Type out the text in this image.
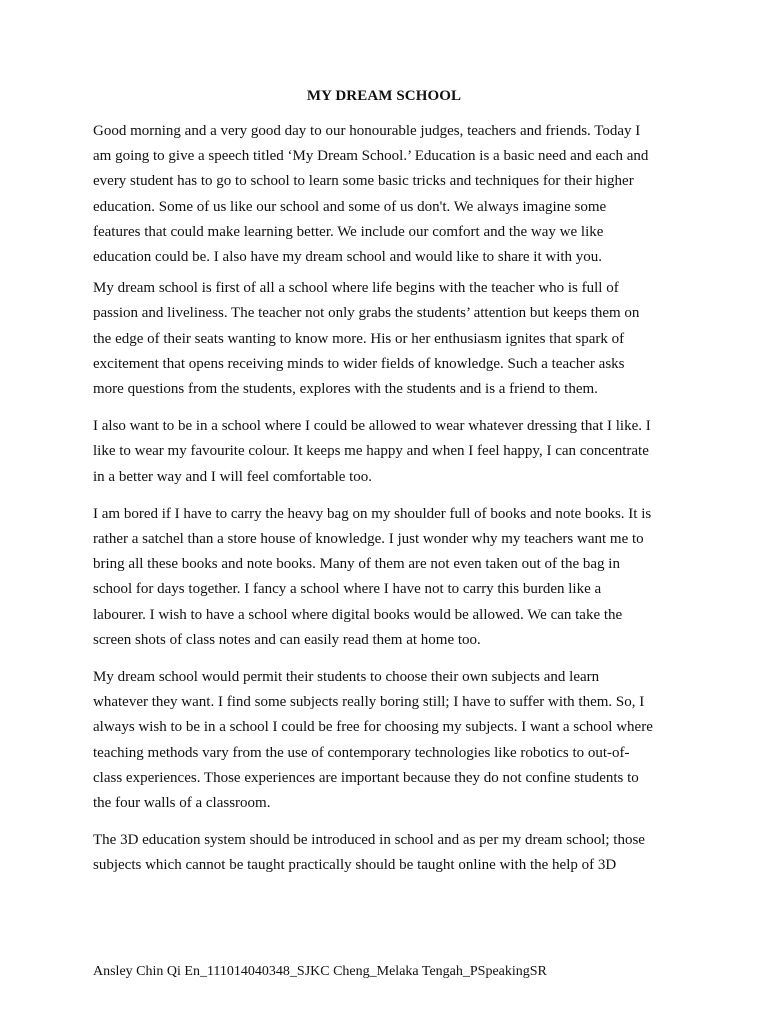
MY DREAM SCHOOL

Good morning and a very good day to our honourable judges, teachers and friends. Today I
am going to give a speech titled ‘My Dream School.’ Education is a basic need and each and
every student has to go to school to learn some basic tricks and techniques for their higher
education. Some of us like our school and some of us don't. We always imagine some
features that could make learning better. We include our comfort and the way we like
education could be. I also have my dream school and would like to share it with you.

My dream school is first of all a school where life begins with the teacher who is full of
passion and liveliness. The teacher not only grabs the students’ attention but keeps them on
the edge of their seats wanting to know more. His or her enthusiasm ignites that spark of
excitement that opens receiving minds to wider fields of knowledge. Such a teacher asks
more questions from the students, explores with the students and is a friend to them.

I also want to be in a school where I could be allowed to wear whatever dressing that I like. I
like to wear my favourite colour. It keeps me happy and when I feel happy, I can concentrate
in a better way and I will feel comfortable too.

I am bored if I have to carry the heavy bag on my shoulder full of books and note books. It is
rather a satchel than a store house of knowledge. I just wonder why my teachers want me to
bring all these books and note books. Many of them are not even taken out of the bag in
school for days together. I fancy a school where I have not to carry this burden like a
labourer. I wish to have a school where digital books would be allowed. We can take the
screen shots of class notes and can easily read them at home too.

My dream school would permit their students to choose their own subjects and learn
whatever they want. I find some subjects really boring still; I have to suffer with them. So, I
always wish to be in a school I could be free for choosing my subjects. I want a school where
teaching methods vary from the use of contemporary technologies like robotics to out-of-
class experiences. Those experiences are important because they do not confine students to
the four walls of a classroom.

The 3D education system should be introduced in school and as per my dream school; those
subjects which cannot be taught practically should be taught online with the help of 3D

Ansley Chin Qi En_111014040348_SJKC Cheng_Melaka Tengah_PSpeakingSR
